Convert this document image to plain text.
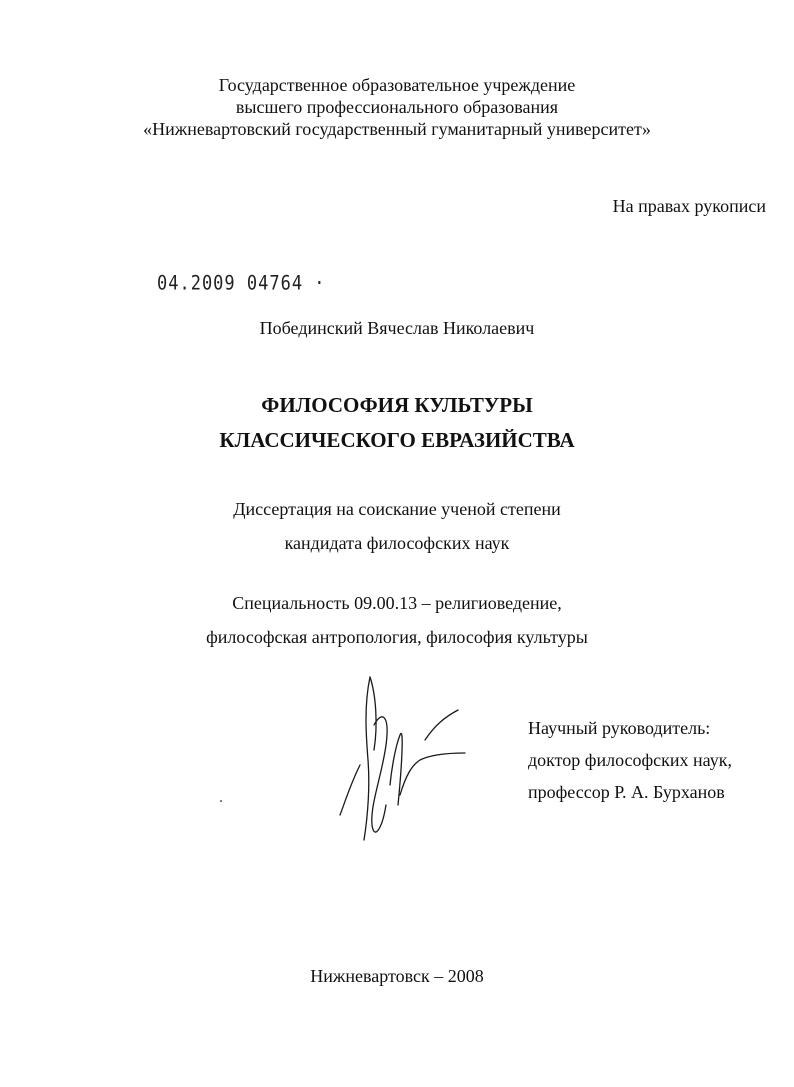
Государственное образовательное учреждение
высшего профессионального образования
«Нижневартовский государственный гуманитарный университет»
На правах рукописи
04.2009 04764 ·
Побединский Вячеслав Николаевич
ФИЛОСОФИЯ КУЛЬТУРЫ
КЛАССИЧЕСКОГО ЕВРАЗИЙСТВА
Диссертация на соискание ученой степени
кандидата философских наук
Специальность 09.00.13 – религиоведение,
философская антропология, философия культуры
Научный руководитель:
доктор философских наук,
профессор Р. А. Бурханов
Нижневартовск – 2008
